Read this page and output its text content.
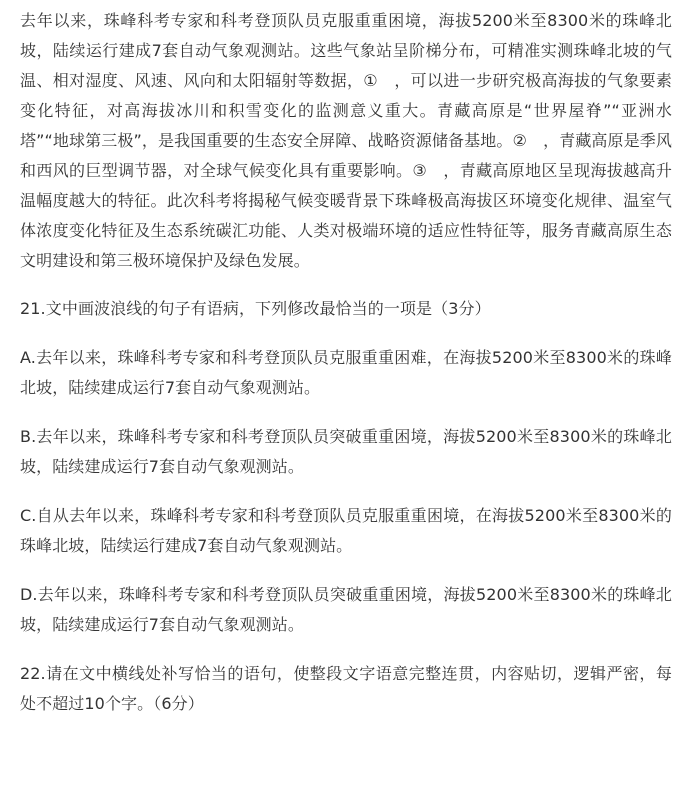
去年以来，珠峰科考专家和科考登顶队员克服重重困境，海拔5200米至8300米的珠峰北坡，陆续运行建成7套自动气象观测站。这些气象站呈阶梯分布，可精准实测珠峰北坡的气温、相对湿度、风速、风向和太阳辐射等数据，①　，可以进一步研究极高海拔的气象要素变化特征，对高海拔冰川和积雪变化的监测意义重大。青藏高原是“世界屋脊”“亚洲水塔”“地球第三极”，是我国重要的生态安全屏障、战略资源储备基地。②　，青藏高原是季风和西风的巨型调节器，对全球气候变化具有重要影响。③　，青藏高原地区呈现海拔越高升温幅度越大的特征。此次科考将揭秘气候变暖背景下珠峰极高海拔区环境变化规律、温室气体浓度变化特征及生态系统碳汇功能、人类对极端环境的适应性特征等，服务青藏高原生态文明建设和第三极环境保护及绿色发展。

21.文中画波浪线的句子有语病，下列修改最恰当的一项是（3分）

A.去年以来，珠峰科考专家和科考登顶队员克服重重困难，在海拔5200米至8300米的珠峰北坡，陆续建成运行7套自动气象观测站。

B.去年以来，珠峰科考专家和科考登顶队员突破重重困境，海拔5200米至8300米的珠峰北坡，陆续建成运行7套自动气象观测站。

C.自从去年以来，珠峰科考专家和科考登顶队员克服重重困境，在海拔5200米至8300米的珠峰北坡，陆续运行建成7套自动气象观测站。

D.去年以来，珠峰科考专家和科考登顶队员突破重重困境，海拔5200米至8300米的珠峰北坡，陆续建成运行7套自动气象观测站。

22.请在文中横线处补写恰当的语句，使整段文字语意完整连贯，内容贴切，逻辑严密，每处不超过10个字。（6分）
